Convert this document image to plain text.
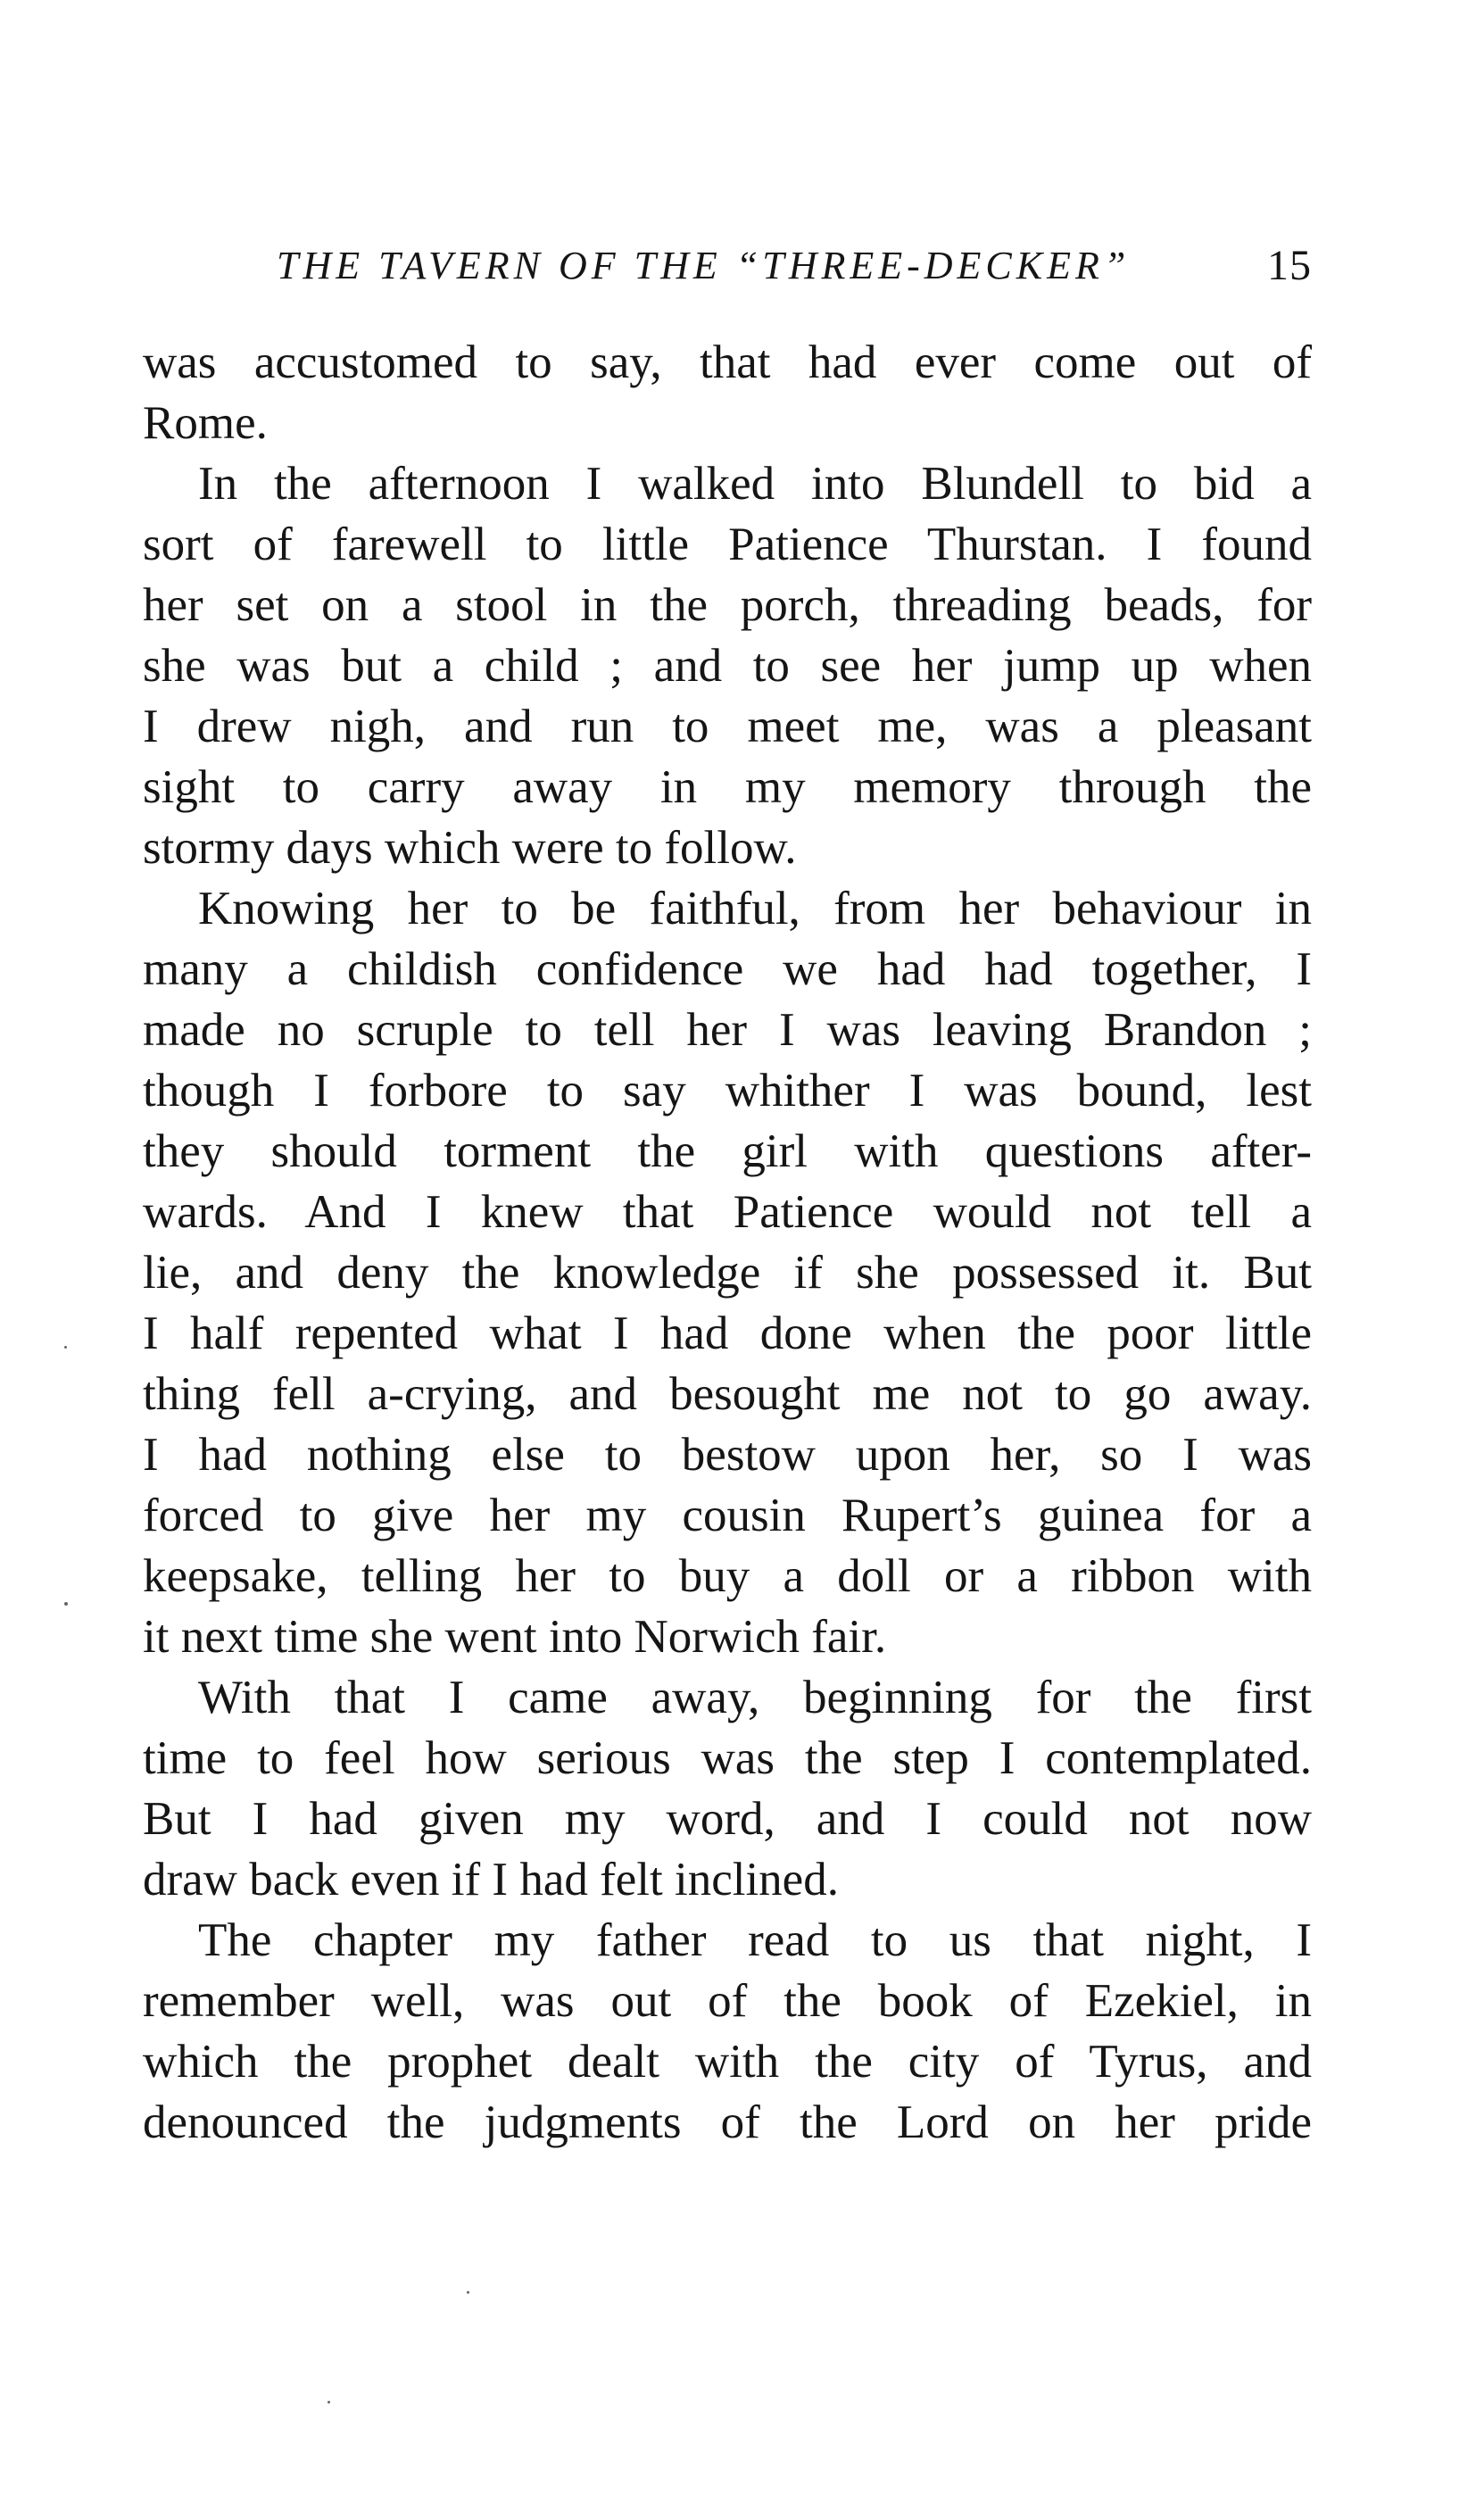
THE TAVERN OF THE “THREE-DECKER”	15
was accustomed to say, that had ever come out of
Rome.
In the afternoon I walked into Blundell to bid a
sort of farewell to little Patience Thurstan. I found
her set on a stool in the porch, threading beads, for
she was but a child ; and to see her jump up when
I drew nigh, and run to meet me, was a pleasant
sight to carry away in my memory through the
stormy days which were to follow.
Knowing her to be faithful, from her behaviour in
many a childish confidence we had had together, I
made no scruple to tell her I was leaving Brandon ;
though I forbore to say whither I was bound, lest
they should torment the girl with questions after-
wards. And I knew that Patience would not tell a
lie, and deny the knowledge if she possessed it. But
I half repented what I had done when the poor little
thing fell a-crying, and besought me not to go away.
I had nothing else to bestow upon her, so I was
forced to give her my cousin Rupert’s guinea for a
keepsake, telling her to buy a doll or a ribbon with
it next time she went into Norwich fair.
With that I came away, beginning for the first
time to feel how serious was the step I contemplated.
But I had given my word, and I could not now
draw back even if I had felt inclined.
The chapter my father read to us that night, I
remember well, was out of the book of Ezekiel, in
which the prophet dealt with the city of Tyrus, and
denounced the judgments of the Lord on her pride
